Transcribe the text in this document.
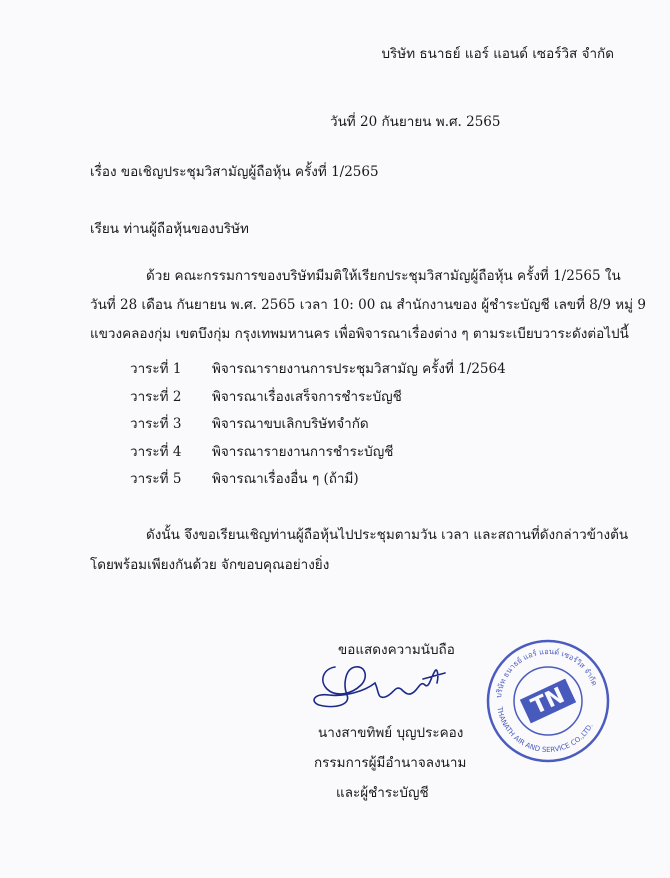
บริษัท ธนาธย์ แอร์ แอนด์ เซอร์วิส จำกัด
วันที่ 20 กันยายน พ.ศ. 2565
เรื่อง ขอเชิญประชุมวิสามัญผู้ถือหุ้น ครั้งที่ 1/2565
เรียน ท่านผู้ถือหุ้นของบริษัท
ด้วย คณะกรรมการของบริษัทมีมติให้เรียกประชุมวิสามัญผู้ถือหุ้น ครั้งที่ 1/2565 ใน
วันที่ 28 เดือน กันยายน พ.ศ. 2565 เวลา 10: 00 ณ สำนักงานของ ผู้ชำระบัญชี เลขที่ 8/9 หมู่ 9
แขวงคลองกุ่ม เขตบึงกุ่ม กรุงเทพมหานคร เพื่อพิจารณาเรื่องต่าง ๆ ตามระเบียบวาระดังต่อไปนี้
วาระที่ 1 พิจารณารายงานการประชุมวิสามัญ ครั้งที่ 1/2564
วาระที่ 2 พิจารณาเรื่องเสร็จการชำระบัญชี
วาระที่ 3 พิจารณาขบเลิกบริษัทจำกัด
วาระที่ 4 พิจารณารายงานการชำระบัญชี
วาระที่ 5 พิจารณาเรื่องอื่น ๆ (ถ้ามี)
ดังนั้น จึงขอเรียนเชิญท่านผู้ถือหุ้นไปประชุมตามวัน เวลา และสถานที่ดังกล่าวข้างต้น
โดยพร้อมเพียงกันด้วย จักขอบคุณอย่างยิ่ง
ขอแสดงความนับถือ
นางสาขทิพย์ บุญประคอง
กรรมการผู้มีอำนาจลงนาม
และผู้ชำระบัญชี
บริษัท ธนาธย์ แอร์ แอนด์ เซอร์วิส จำกัด
THANATH AIR AND SERVICE CO.,LTD.
TN
